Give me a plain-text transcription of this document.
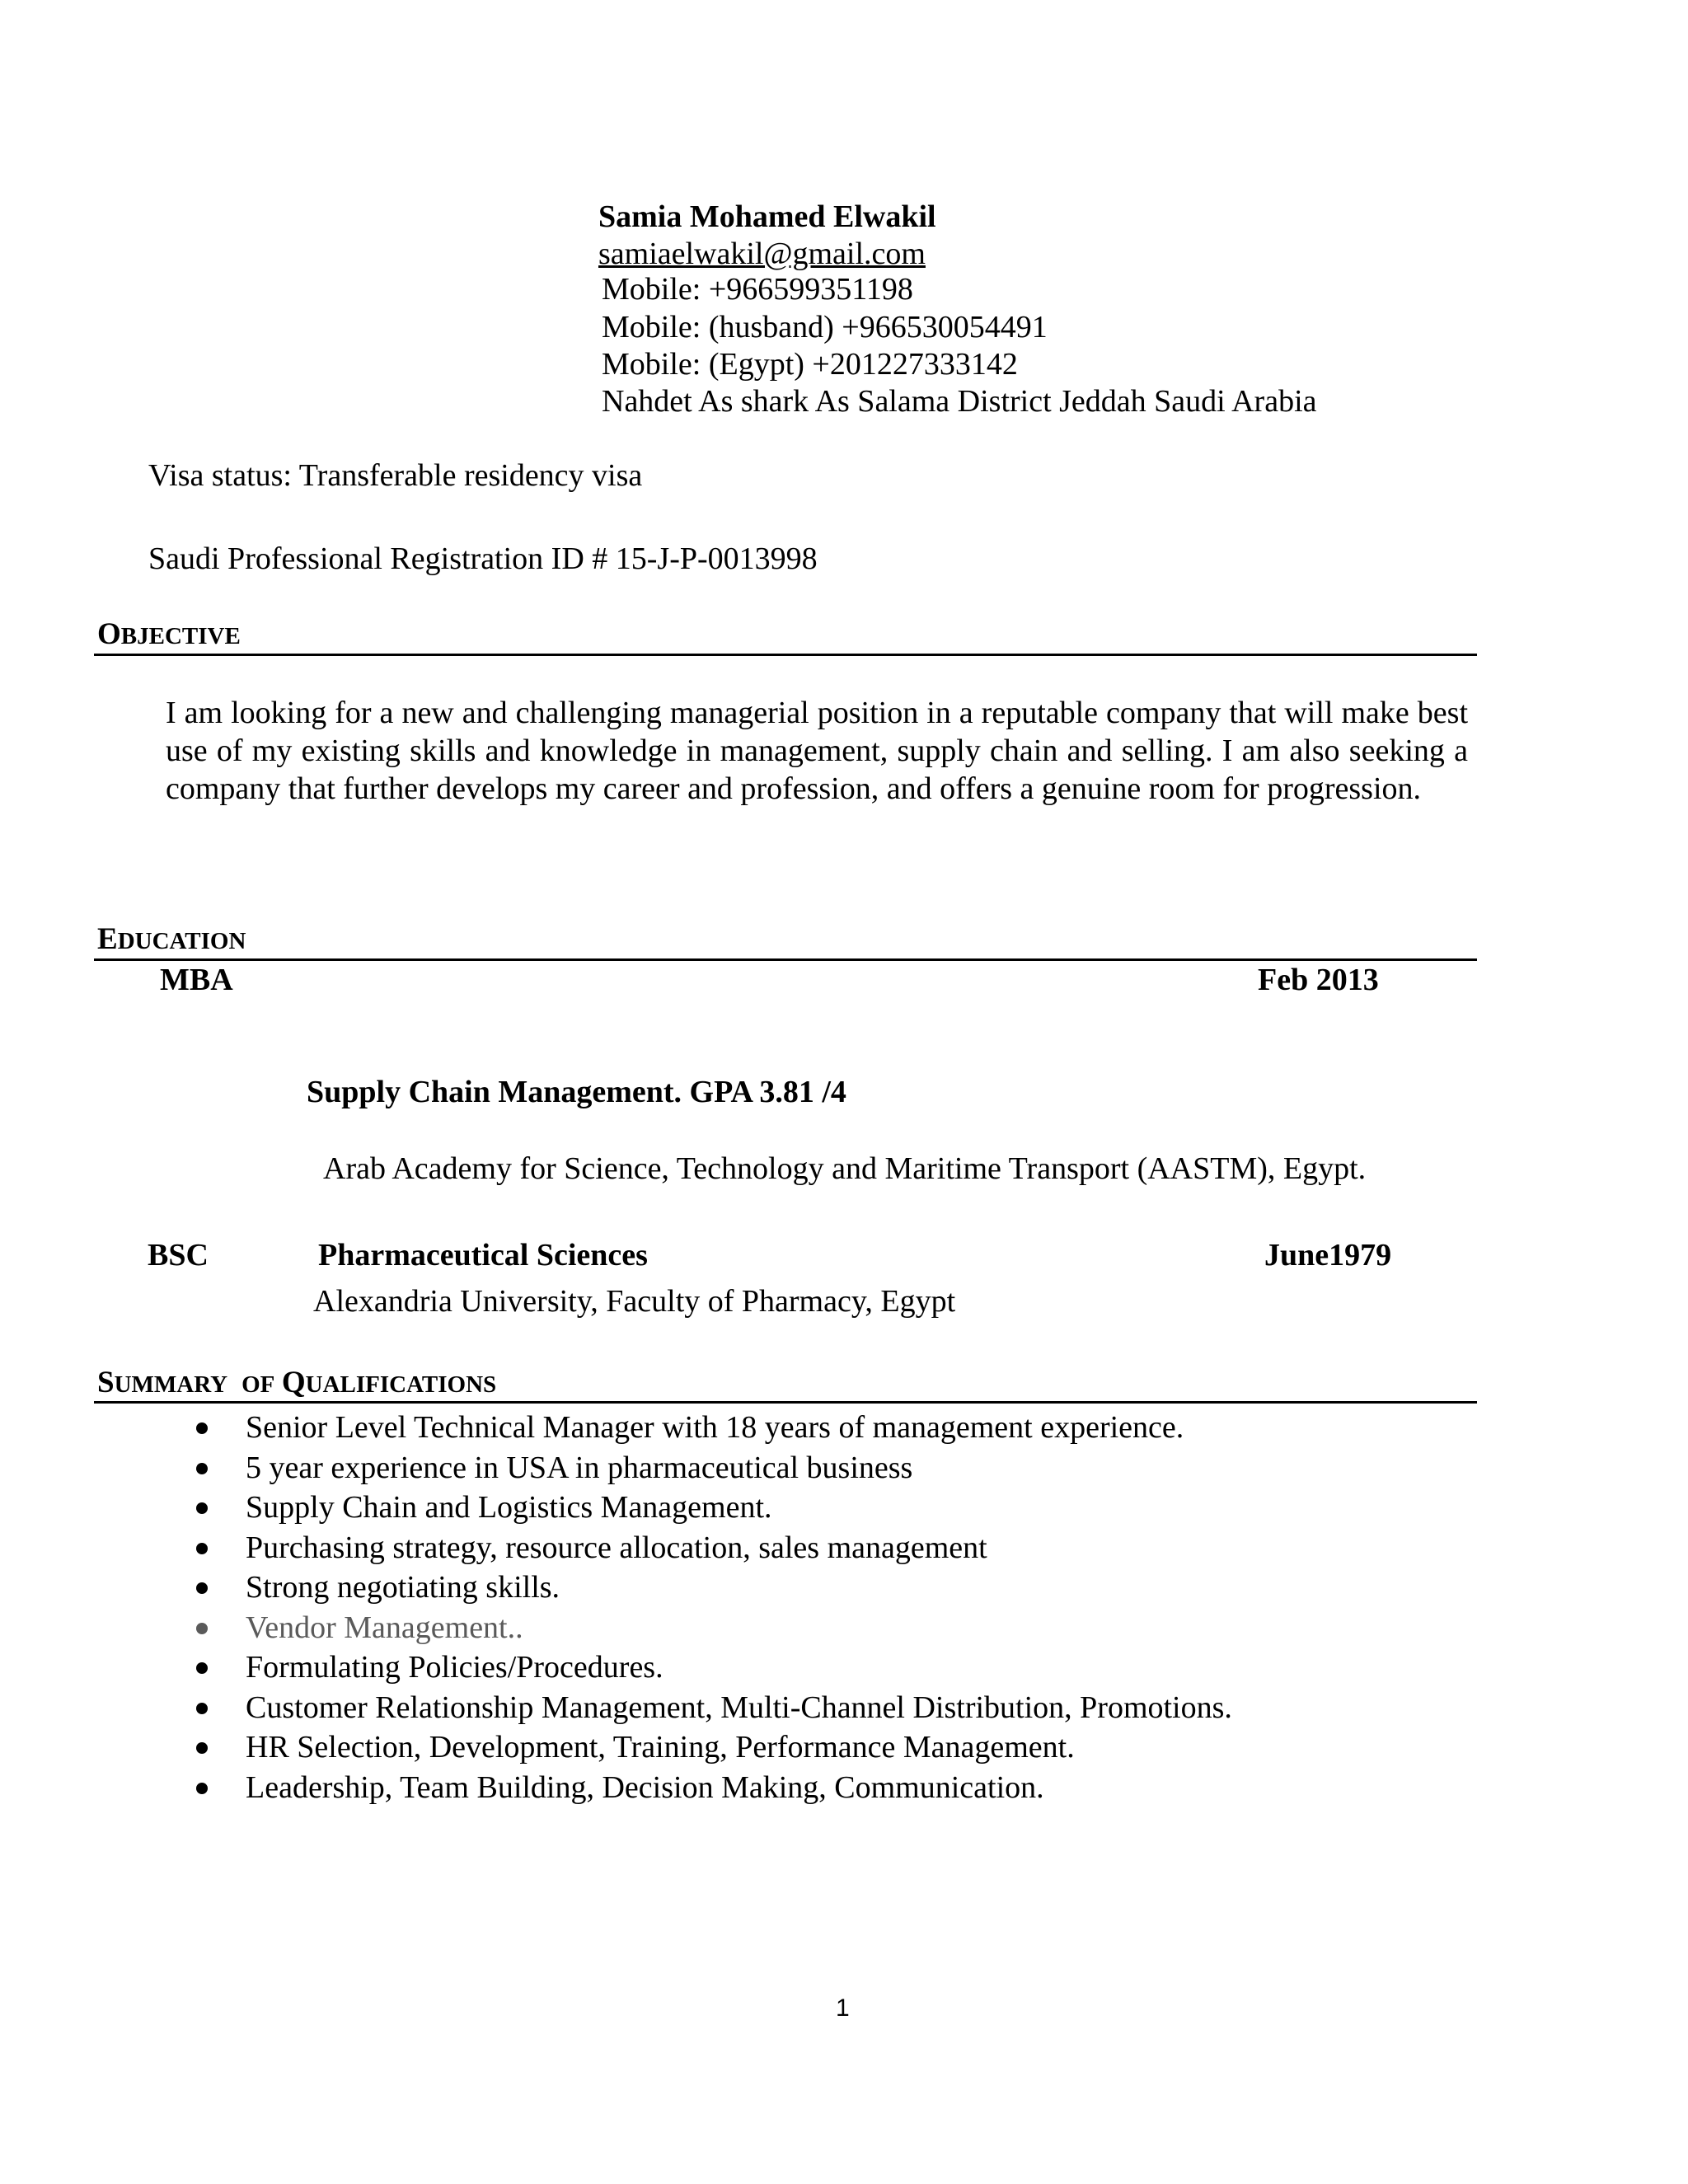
Samia Mohamed Elwakil
samiaelwakil@gmail.com
Mobile: +966599351198
Mobile: (husband) +966530054491
Mobile: (Egypt) +201227333142
Nahdet As shark As Salama District Jeddah Saudi Arabia
Visa status: Transferable residency visa
Saudi Professional Registration ID # 15-J-P-0013998
OBJECTIVE

I am looking for a new and challenging managerial position in a reputable company that will make best use of my existing skills and knowledge in management, supply chain and selling. I am also seeking a company that further develops my career and profession, and offers a genuine room for progression.

EDUCATION
MBA	Feb 2013
Supply Chain Management. GPA 3.81 /4
Arab Academy for Science, Technology and Maritime Transport (AASTM), Egypt.
BSC	Pharmaceutical Sciences	June1979
Alexandria University, Faculty of Pharmacy, Egypt
SUMMARY OF QUALIFICATIONS
Senior Level Technical Manager with 18 years of management experience.
5 year experience in USA in pharmaceutical business
Supply Chain and Logistics Management.
Purchasing strategy, resource allocation, sales management
Strong negotiating skills.
Vendor Management..
Formulating Policies/Procedures.
Customer Relationship Management, Multi-Channel Distribution, Promotions.
HR Selection, Development, Training, Performance Management.
Leadership, Team Building, Decision Making, Communication.
1
